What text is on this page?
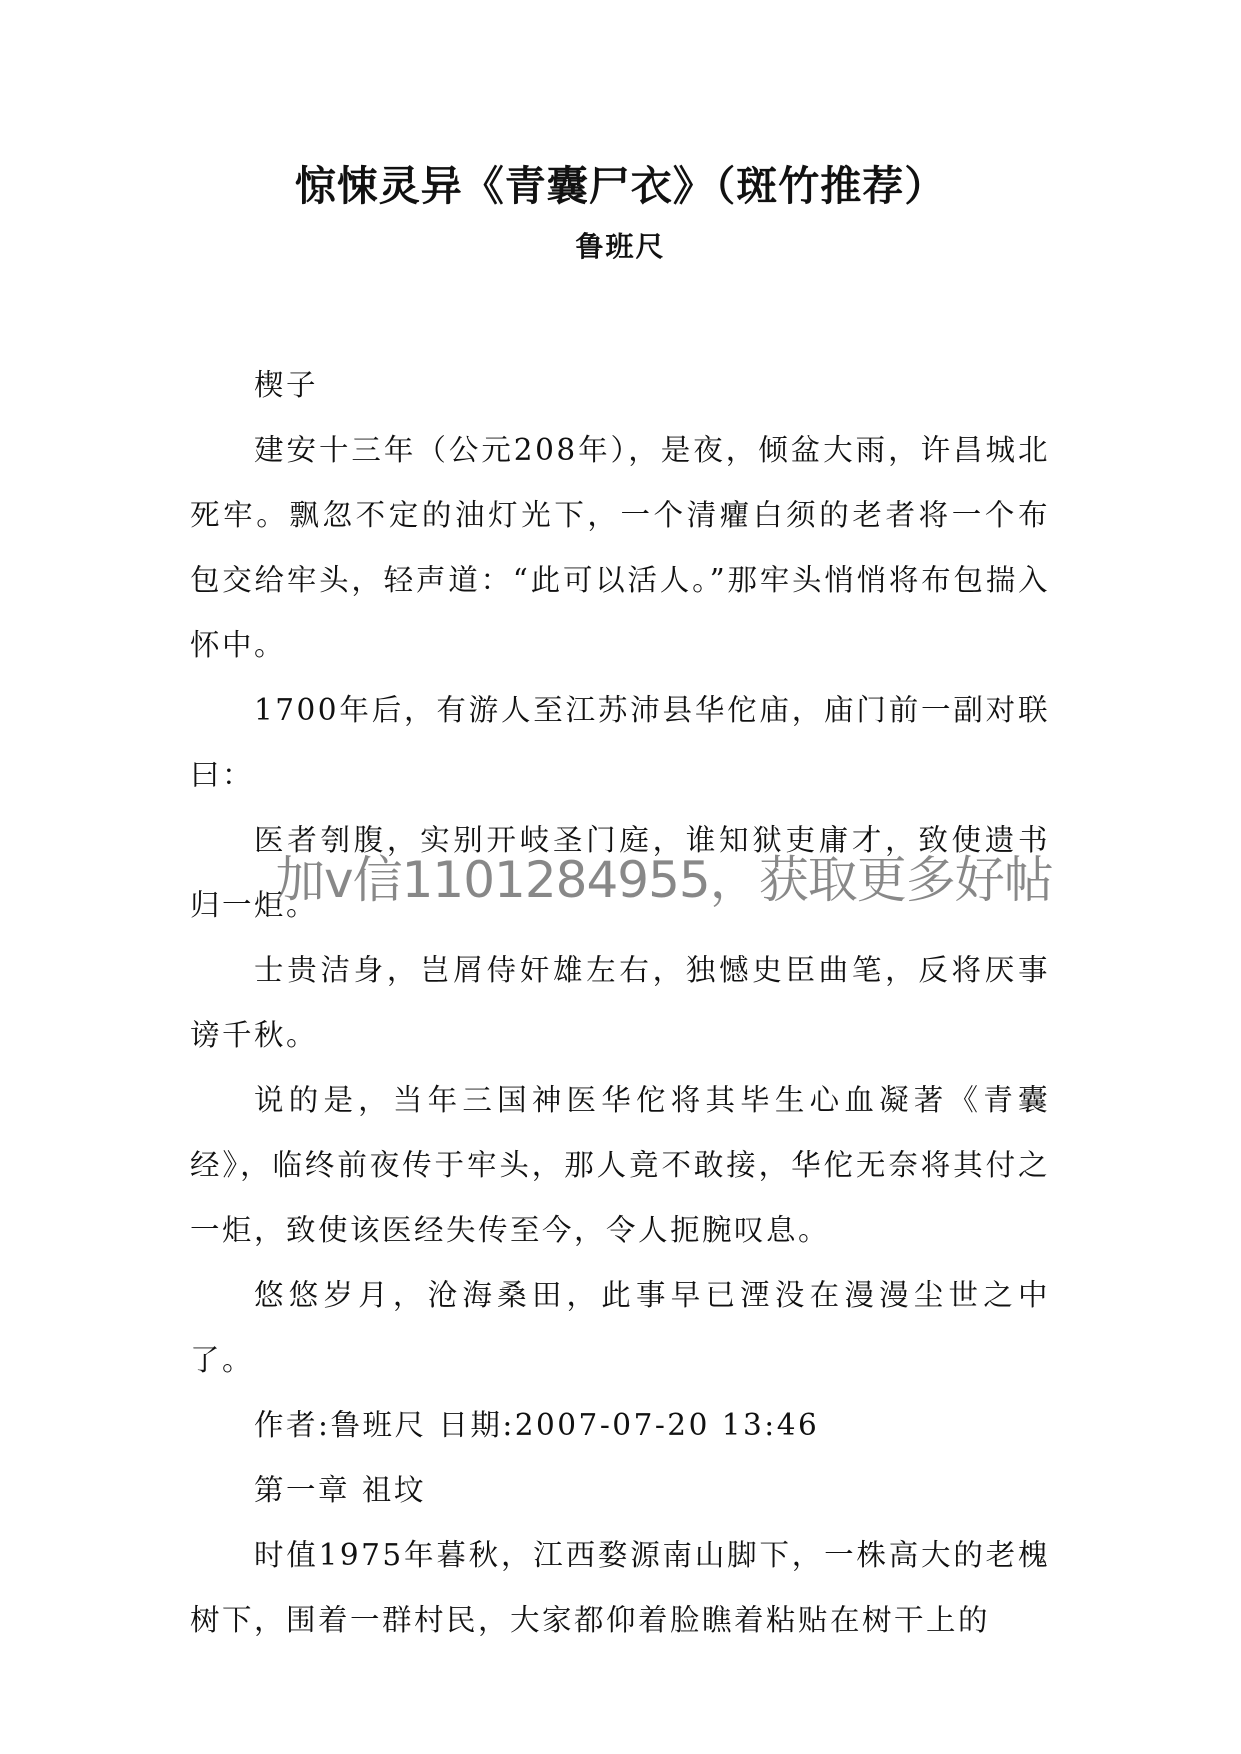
惊悚灵异《青囊尸衣》（斑竹推荐）
鲁班尺

楔子

建安十三年（公元208年），是夜，倾盆大雨，许昌城北死牢。飘忽不定的油灯光下，一个清癯白须的老者将一个布包交给牢头，轻声道：“此可以活人。”那牢头悄悄将布包揣入怀中。

1700年后，有游人至江苏沛县华佗庙，庙门前一副对联曰：

医者刳腹，实别开岐圣门庭，谁知狱吏庸才，致使遗书归一炬。

士贵洁身，岂屑侍奸雄左右，独憾史臣曲笔，反将厌事谤千秋。

说的是，当年三国神医华佗将其毕生心血凝著《青囊经》，临终前夜传于牢头，那人竟不敢接，华佗无奈将其付之一炬，致使该医经失传至今，令人扼腕叹息。

悠悠岁月，沧海桑田，此事早已湮没在漫漫尘世之中了。

作者:鲁班尺 日期:2007-07-20 13:46

第一章 祖坟

时值1975年暮秋，江西婺源南山脚下，一株高大的老槐树下，围着一群村民，大家都仰着脸瞧着粘贴在树干上的

加v信1101284955，获取更多好帖
